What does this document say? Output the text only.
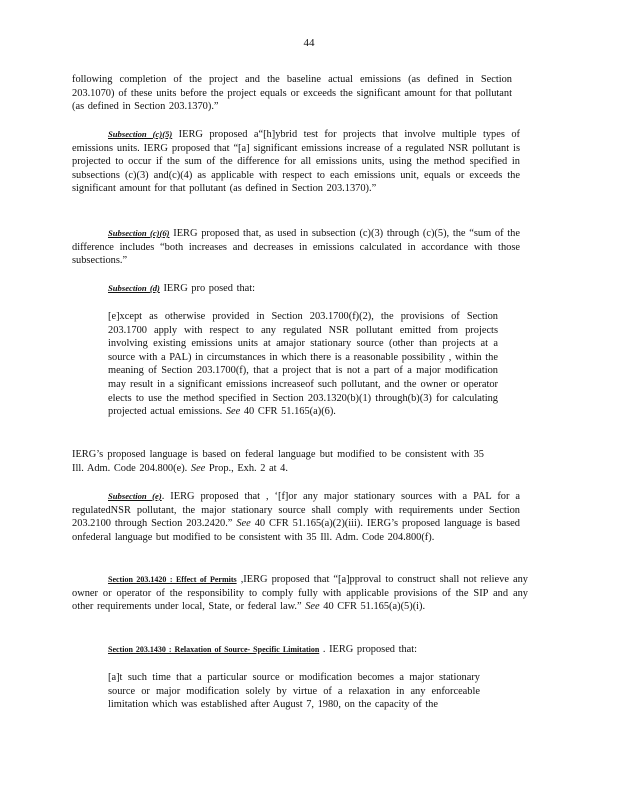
44
following completion of the project and the baseline actual emissions (as defined in Section 203.1070) of these units before the project equals or exceeds the significant amount for that pollutant (as defined in Section 203.1370).”
Subsection (c)(5) IERG proposed a“[h]ybrid test for projects that involve multiple types of emissions units. IERG proposed that “[a] significant emissions increase of a regulated NSR pollutant is projected to occur if the sum of the difference for all emissions units, using the method specified in subsections (c)(3) and(c)(4) as applicable with respect to each emissions unit, equals or exceeds the significant amount for that pollutant (as defined in Section 203.1370).”
Subsection (c)(6) IERG proposed that, as used in subsection (c)(3) through (c)(5), the “sum of the difference includes “both increases and decreases in emissions calculated in accordance with those subsections.”
Subsection (d) IERG pro posed that:
[e]xcept as otherwise provided in Section 203.1700(f)(2), the provisions of Section 203.1700 apply with respect to any regulated NSR pollutant emitted from projects involving existing emissions units at amajor stationary source (other than projects at a source with a PAL) in circumstances in which there is a reasonable possibility , within the meaning of Section 203.1700(f), that a project that is not a part of a major modification may result in a significant emissions increaseof such pollutant, and the owner or operator elects to use the method specified in Section 203.1320(b)(1) through(b)(3) for calculating projected actual emissions. See 40 CFR 51.165(a)(6).
IERG’s proposed language is based on federal language but modified to be consistent with 35 Ill. Adm. Code 204.800(e). See Prop., Exh. 2 at 4.
Subsection (e). IERG proposed that , ‘[f]or any major stationary sources with a PAL for a regulatedNSR pollutant, the major stationary source shall comply with requirements under Section 203.2100 through Section 203.2420.” See 40 CFR 51.165(a)(2)(iii). IERG’s proposed language is based onfederal language but modified to be consistent with 35 Ill. Adm. Code 204.800(f).
Section 203.1420 : Effect of Permits ,IERG proposed that “[a]pproval to construct shall not relieve any owner or operator of the responsibility to comply fully with applicable provisions of the SIP and any other requirements under local, State, or federal law.” See 40 CFR 51.165(a)(5)(i).
Section 203.1430 : Relaxation of Source- Specific Limitation . IERG proposed that:
[a]t such time that a particular source or modification becomes a major stationary source or major modification solely by virtue of a relaxation in any enforceable limitation which was established after August 7, 1980, on the capacity of the
